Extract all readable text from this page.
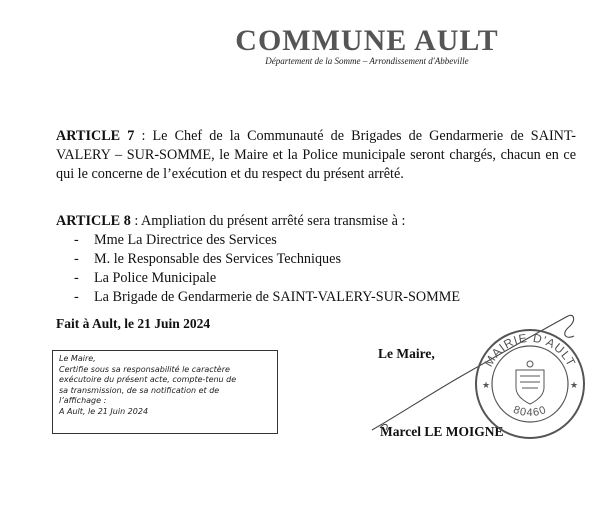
COMMUNE AULT
Département de la Somme – Arrondissement d'Abbeville
ARTICLE 7 : Le Chef de la Communauté de Brigades de Gendarmerie de SAINT-VALERY – SUR-SOMME, le Maire et la Police municipale seront chargés, chacun en ce qui le concerne de l’exécution et du respect du présent arrêté.
ARTICLE 8 : Ampliation du présent arrêté sera transmise à :
- Mme La Directrice des Services
- M. le Responsable des Services Techniques
- La Police Municipale
- La Brigade de Gendarmerie de SAINT-VALERY-SUR-SOMME
Fait à Ault, le 21 Juin 2024
Le Maire,
Certifie sous sa responsabilité le caractère
exécutoire du présent acte, compte-tenu de
sa transmission, de sa notification et de
l’affichage :
A Ault, le 21 Juin 2024
Le Maire,
Marcel LE MOIGNE
MAIRIE D'AULT
80460
★	★
